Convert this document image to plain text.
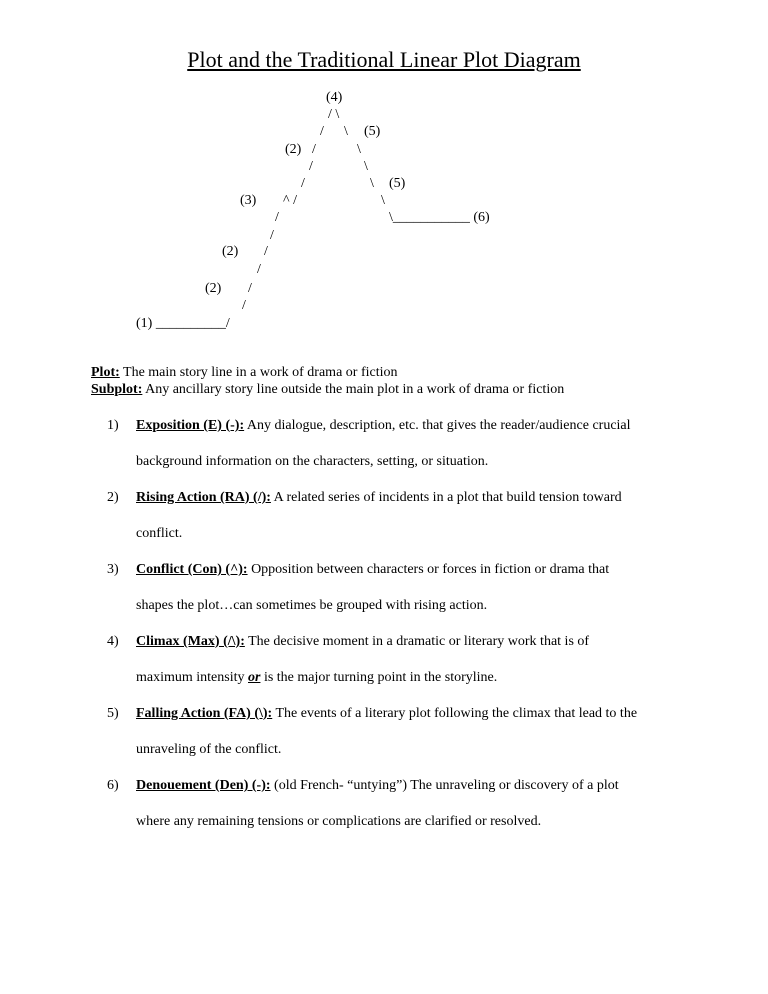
Plot and the Traditional Linear Plot Diagram
(4)
/ \
/ \ (5)
(2) /	\
/	\
/	\ (5)
(3) ^ /	\
/	\___________ (6)
/
(2) /
/
(2) /
/
(1) __________/
Plot: The main story line in a work of drama or fiction
Subplot: Any ancillary story line outside the main plot in a work of drama or fiction
1) Exposition (E) (-): Any dialogue, description, etc. that gives the reader/audience crucial
background information on the characters, setting, or situation.
2) Rising Action (RA) (/): A related series of incidents in a plot that build tension toward
conflict.
3) Conflict (Con) (^): Opposition between characters or forces in fiction or drama that
shapes the plot…can sometimes be grouped with rising action.
4) Climax (Max) (/\): The decisive moment in a dramatic or literary work that is of
maximum intensity or is the major turning point in the storyline.
5) Falling Action (FA) (\): The events of a literary plot following the climax that lead to the
unraveling of the conflict.
6) Denouement (Den) (-): (old French- “untying”) The unraveling or discovery of a plot
where any remaining tensions or complications are clarified or resolved.
